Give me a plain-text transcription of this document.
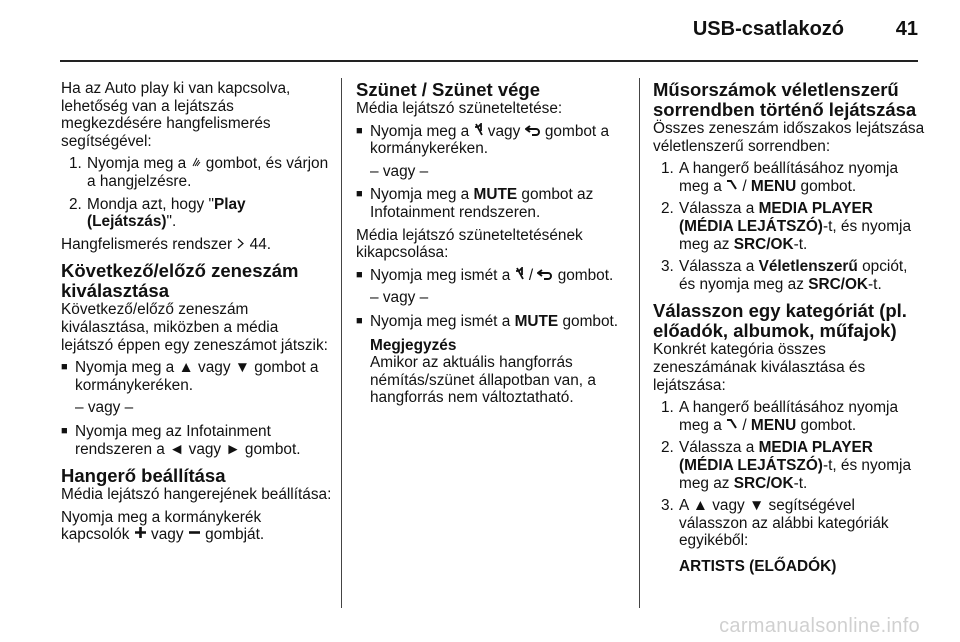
USB-csatlakozó	41

Ha az Auto play ki van kapcsolva, lehetőség van a lejátszás megkezdésére hangfelismerés segítségével:

1. Nyomja meg a gombot, és várjon a hangjelzésre.
2. Mondja azt, hogy "Play (Lejátszás)".

Hangfelismerés rendszer 44.

Következő/előző zeneszám kiválasztása

Következő/előző zeneszám kiválasztása, miközben a média lejátszó éppen egy zeneszámot játszik:

■ Nyomja meg a ▲ vagy ▼ gombot a kormánykeréken.
– vagy –
■ Nyomja meg az Infotainment rendszeren a ◄ vagy ► gombot.
Hangerő beállítása

Média lejátszó hangerejének beállítása:

Nyomja meg a kormánykerék kapcsolók vagy gombját.

Szünet / Szünet vége

Média lejátszó szüneteltetése:

■ Nyomja meg a vagy gombot a kormánykeréken.
– vagy –
■ Nyomja meg a MUTE gombot az Infotainment rendszeren.

Média lejátszó szüneteltetésének kikapcsolása:

■ Nyomja meg ismét a / gombot.
– vagy –
■ Nyomja meg ismét a MUTE gombot.
Megjegyzés

Amikor az aktuális hangforrás némítás/szünet állapotban van, a hangforrás nem változtatható.

Műsorszámok véletlenszerű sorrendben történő lejátszása

Összes zeneszám időszakos lejátszása véletlenszerű sorrendben:

1. A hangerő beállításához nyomja meg a / MENU gombot.
2. Válassza a MEDIA PLAYER (MÉDIA LEJÁTSZÓ)-t, és nyomja meg az SRC/OK-t.
3. Válassza a Véletlenszerű opciót, és nyomja meg az SRC/OK-t.
Válasszon egy kategóriát (pl. előadók, albumok, műfajok)

Konkrét kategória összes zeneszámának kiválasztása és lejátszása:

1. A hangerő beállításához nyomja meg a / MENU gombot.
2. Válassza a MEDIA PLAYER (MÉDIA LEJÁTSZÓ)-t, és nyomja meg az SRC/OK-t.
3. A ▲ vagy ▼ segítségével válasszon az alábbi kategóriák egyikéből:
ARTISTS (ELŐADÓK)
carmanualsonline.info
